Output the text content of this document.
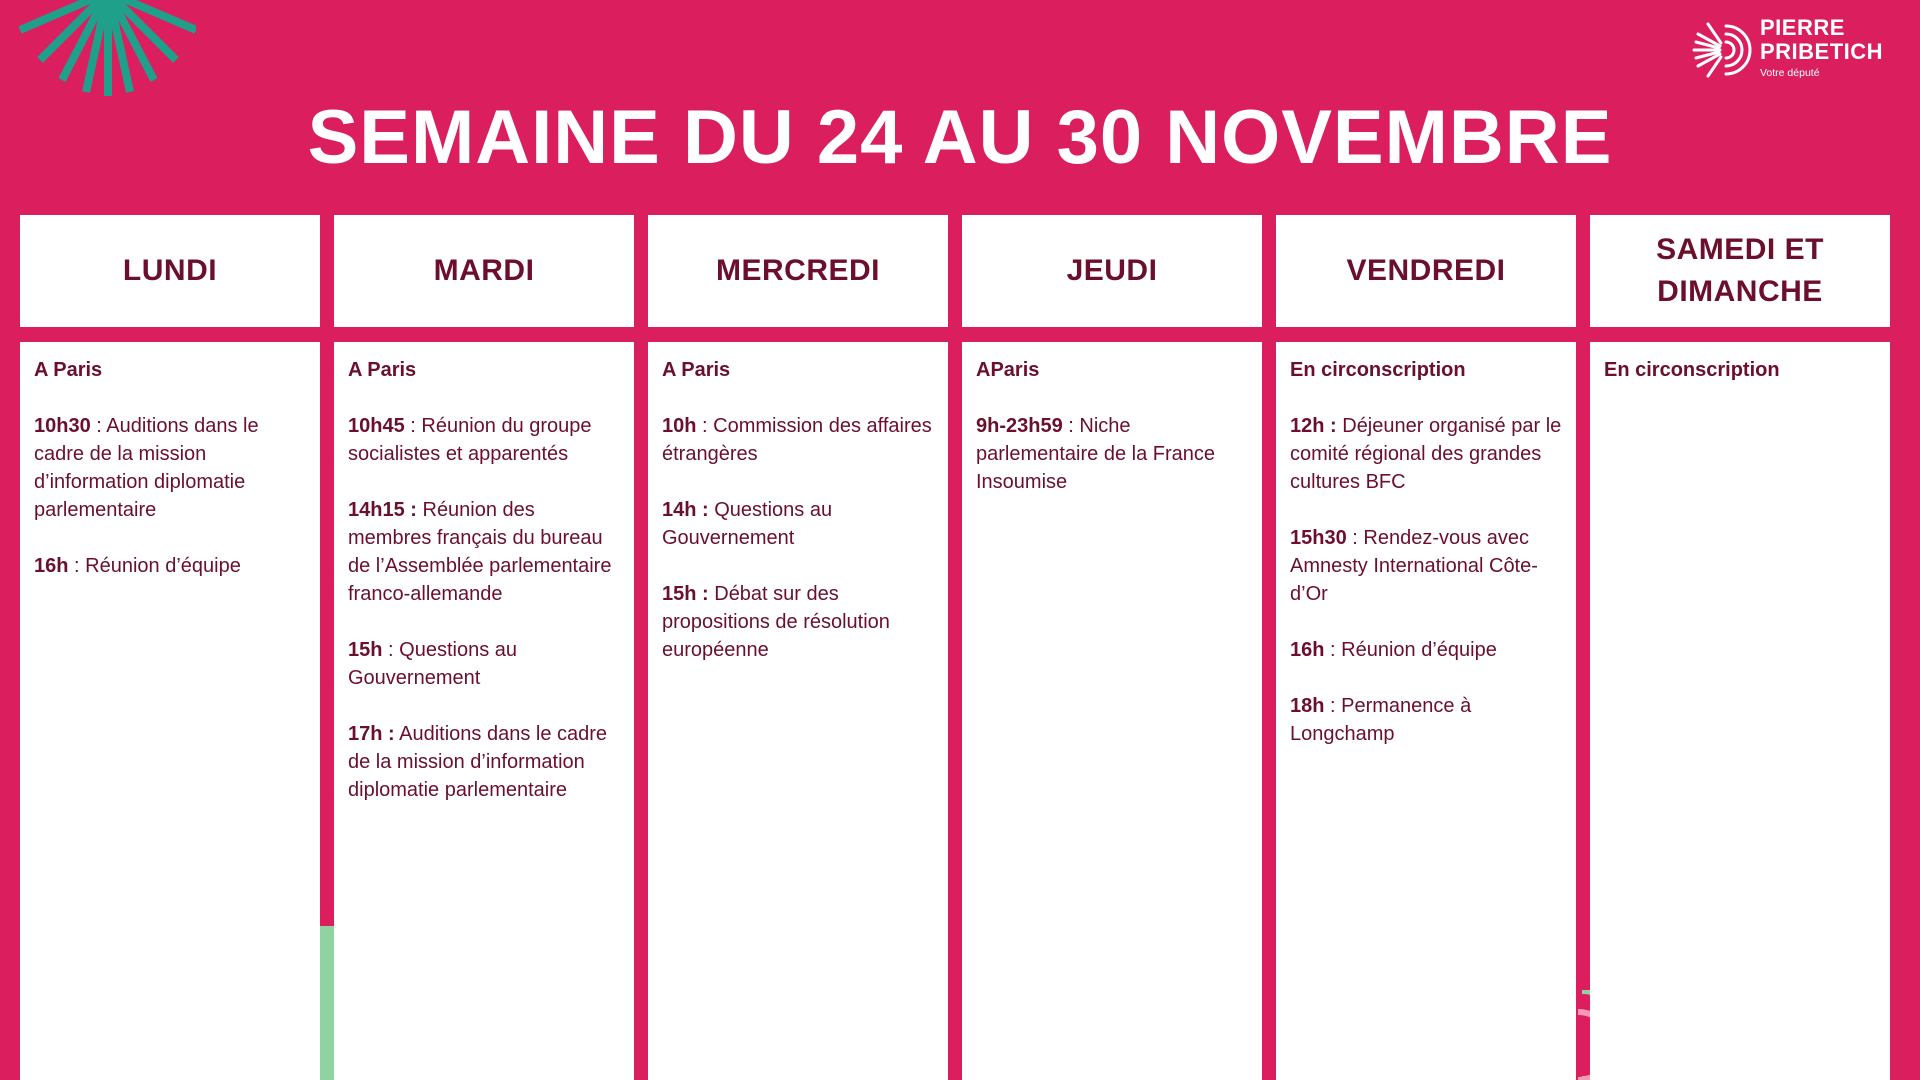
PIERRE
PRIBETICH
Votre député
SEMAINE DU 24 AU 30 NOVEMBRE
LUNDI

A Paris

10h30 : Auditions dans le cadre de la mission d’information diplomatie parlementaire

16h : Réunion d’équipe

MARDI

A Paris

10h45 : Réunion du groupe socialistes et apparentés

14h15 : Réunion des membres français du bureau de l’Assemblée parlementaire franco-allemande

15h : Questions au Gouvernement

17h : Auditions dans le cadre de la mission d’information diplomatie parlementaire

MERCREDI

A Paris

10h : Commission des affaires étrangères

14h : Questions au Gouvernement

15h : Débat sur des propositions de résolution européenne

JEUDI

AParis

9h-23h59 : Niche parlementaire de la France Insoumise

VENDREDI

En circonscription

12h : Déjeuner organisé par le comité régional des grandes cultures BFC

15h30 : Rendez-vous avec Amnesty International Côte-d’Or

16h : Réunion d’équipe

18h : Permanence à Longchamp

SAMEDI ET DIMANCHE

En circonscription
